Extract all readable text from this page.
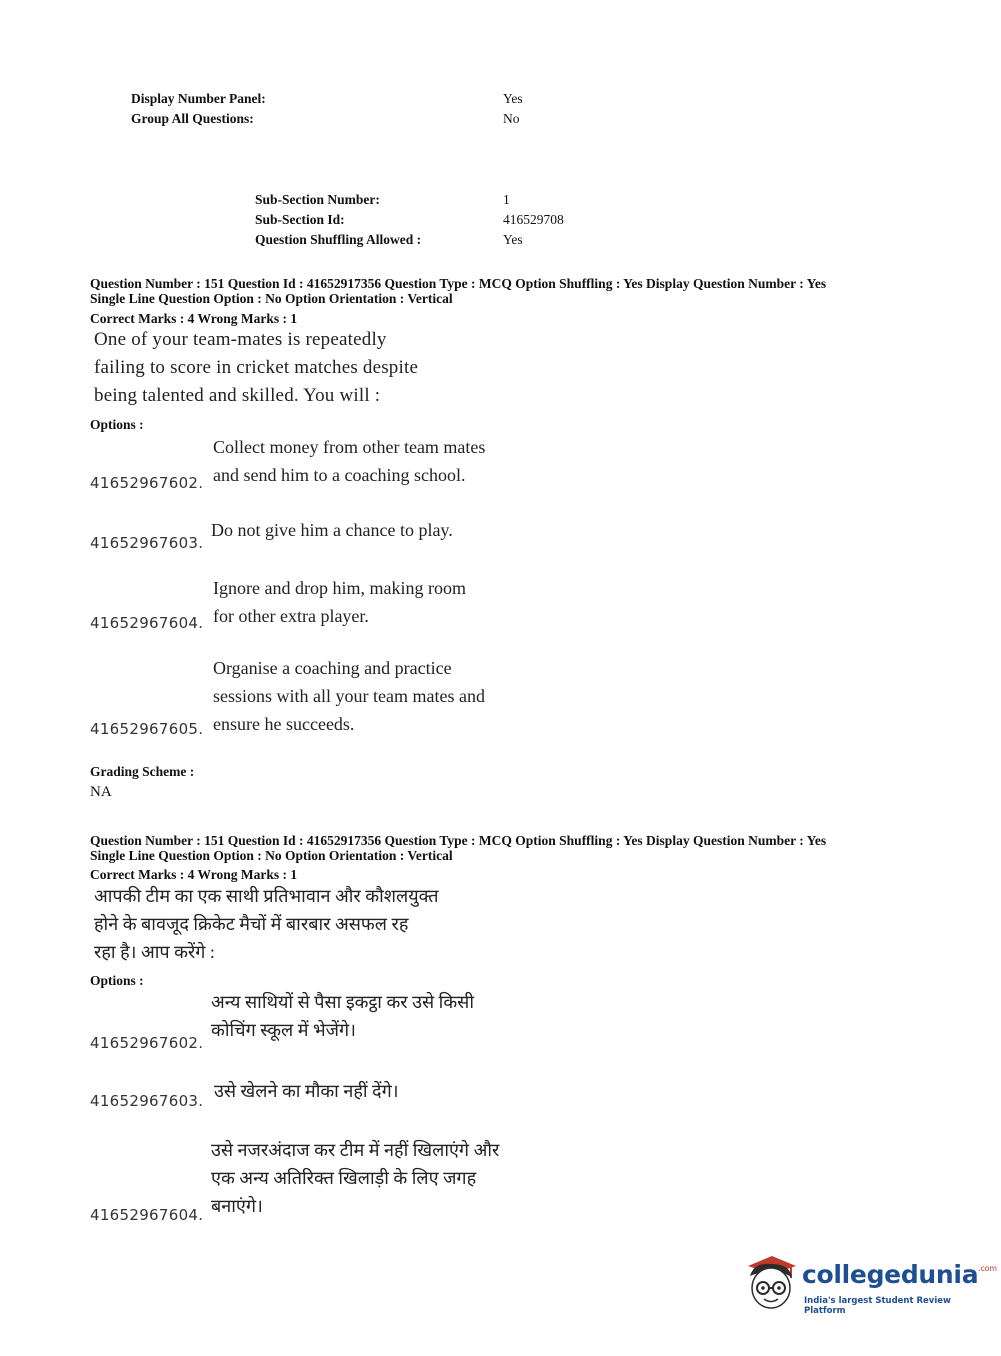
Display Number Panel:	Yes
Group All Questions:	No
Sub-Section Number:	1
Sub-Section Id:	416529708
Question Shuffling Allowed :	Yes
Question Number : 151 Question Id : 41652917356 Question Type : MCQ Option Shuffling : Yes Display Question Number : Yes
Single Line Question Option : No Option Orientation : Vertical
Correct Marks : 4 Wrong Marks : 1
One of your team-mates is repeatedly
failing to score in cricket matches despite
being talented and skilled. You will :
Options :
Collect money from other team mates
and send him to a coaching school.
41652967602.
Do not give him a chance to play.
41652967603.
Ignore and drop him, making room
for other extra player.
41652967604.
Organise a coaching and practice
sessions with all your team mates and
ensure he succeeds.
41652967605.
Grading Scheme :
NA
Question Number : 151 Question Id : 41652917356 Question Type : MCQ Option Shuffling : Yes Display Question Number : Yes
Single Line Question Option : No Option Orientation : Vertical
Correct Marks : 4 Wrong Marks : 1
आपकी टीम का एक साथी प्रतिभावान और कौशलयुक्त
होने के बावजूद क्रिकेट मैचों में बारबार असफल रह
रहा है। आप करेंगे :
Options :
अन्य साथियों से पैसा इकट्ठा कर उसे किसी
कोचिंग स्कूल में भेजेंगे।
41652967602.
उसे खेलने का मौका नहीं देंगे।
41652967603.
उसे नजरअंदाज कर टीम में नहीं खिलाएंगे और
एक अन्य अतिरिक्त खिलाड़ी के लिए जगह
बनाएंगे।
41652967604.
collegedunia$^{.com}$
India's largest Student Review Platform
